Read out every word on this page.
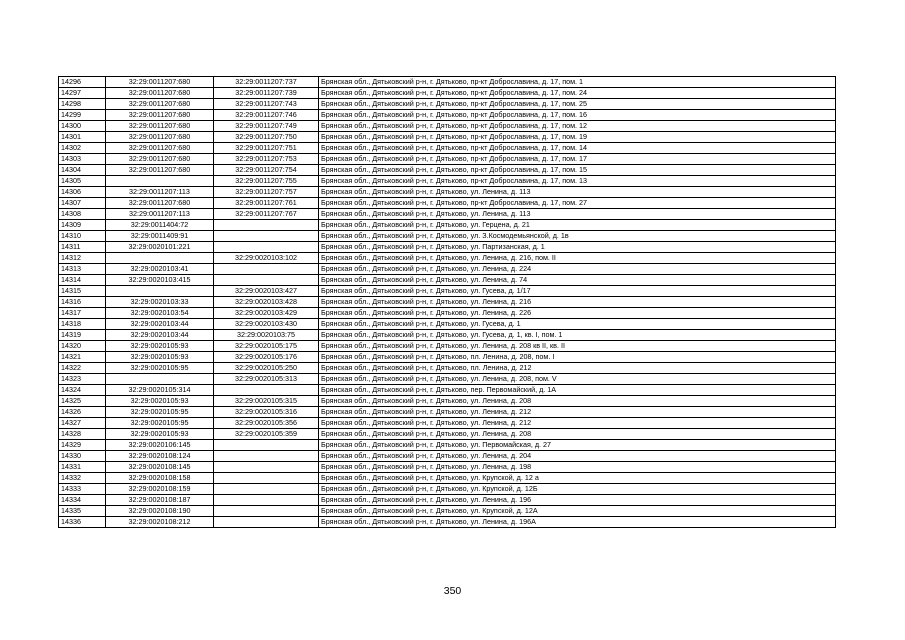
14296	32:29:0011207:680	32:29:0011207:737	Брянская обл., Дятьковский р-н, г. Дятьково, пр-кт Доброславина, д. 17, пом. 1
14297	32:29:0011207:680	32:29:0011207:739	Брянская обл., Дятьковский р-н, г. Дятьково, пр-кт Доброславина, д. 17, пом. 24
14298	32:29:0011207:680	32:29:0011207:743	Брянская обл., Дятьковский р-н, г. Дятьково, пр-кт Доброславина, д. 17, пом. 25
14299	32:29:0011207:680	32:29:0011207:746	Брянская обл., Дятьковский р-н, г. Дятьково, пр-кт Доброславина, д. 17, пом. 16
14300	32:29:0011207:680	32:29:0011207:749	Брянская обл., Дятьковский р-н, г. Дятьково, пр-кт Доброславина, д. 17, пом. 12
14301	32:29:0011207:680	32:29:0011207:750	Брянская обл., Дятьковский р-н, г. Дятьково, пр-кт Доброславина, д. 17, пом. 19
14302	32:29:0011207:680	32:29:0011207:751	Брянская обл., Дятьковский р-н, г. Дятьково, пр-кт Доброславина, д. 17, пом. 14
14303	32:29:0011207:680	32:29:0011207:753	Брянская обл., Дятьковский р-н, г. Дятьково, пр-кт Доброславина, д. 17, пом. 17
14304	32:29:0011207:680	32:29:0011207:754	Брянская обл., Дятьковский р-н, г. Дятьково, пр-кт Доброславина, д. 17, пом. 15
14305		32:29:0011207:755	Брянская обл., Дятьковский р-н, г. Дятьково, пр-кт Доброславина, д. 17, пом. 13
14306	32:29:0011207:113	32:29:0011207:757	Брянская обл., Дятьковский р-н, г. Дятьково, ул. Ленина, д. 113
14307	32:29:0011207:680	32:29:0011207:761	Брянская обл., Дятьковский р-н, г. Дятьково, пр-кт Доброславина, д. 17, пом. 27
14308	32:29:0011207:113	32:29:0011207:767	Брянская обл., Дятьковский р-н, г. Дятьково, ул. Ленина, д. 113
14309	32:29:0011404:72		Брянская обл., Дятьковский р-н, г. Дятьково, ул. Герцена, д. 21
14310	32:29:0011409:91		Брянская обл., Дятьковский р-н, г. Дятьково, ул. З.Космодемьянской, д. 1в
14311	32:29:0020101:221		Брянская обл., Дятьковский р-н, г. Дятьково, ул. Партизанская, д. 1
14312		32:29:0020103:102	Брянская обл., Дятьковский р-н, г. Дятьково, ул. Ленина, д. 216, пом. II
14313	32:29:0020103:41		Брянская обл., Дятьковский р-н, г. Дятьково, ул. Ленина, д. 224
14314	32:29:0020103:415		Брянская обл., Дятьковский р-н, г. Дятьково, ул. Ленина, д. 74
14315		32:29:0020103:427	Брянская обл., Дятьковский р-н, г. Дятьково, ул. Гусева, д. 1/17
14316	32:29:0020103:33	32:29:0020103:428	Брянская обл., Дятьковский р-н, г. Дятьково, ул. Ленина, д. 216
14317	32:29:0020103:54	32:29:0020103:429	Брянская обл., Дятьковский р-н, г. Дятьково, ул. Ленина, д. 226
14318	32:29:0020103:44	32:29:0020103:430	Брянская обл., Дятьковский р-н, г. Дятьково, ул. Гусева, д. 1
14319	32:29:0020103:44	32:29:0020103:75	Брянская обл., Дятьковский р-н, г. Дятьково, ул. Гусева, д. 1, кв. I, пом. 1
14320	32:29:0020105:93	32:29:0020105:175	Брянская обл., Дятьковский р-н, г. Дятьково, ул. Ленина, д. 208 кв II, кв. II
14321	32:29:0020105:93	32:29:0020105:176	Брянская обл., Дятьковский р-н, г. Дятьково, пл. Ленина, д. 208, пом. I
14322	32:29:0020105:95	32:29:0020105:250	Брянская обл., Дятьковский р-н, г. Дятьково, пл. Ленина, д. 212
14323		32:29:0020105:313	Брянская обл., Дятьковский р-н, г. Дятьково, ул. Ленина, д. 208, пом. V
14324	32:29:0020105:314		Брянская обл., Дятьковский р-н, г. Дятьково, пер. Первомайский, д. 1А
14325	32:29:0020105:93	32:29:0020105:315	Брянская обл., Дятьковский р-н, г. Дятьково, ул. Ленина, д. 208
14326	32:29:0020105:95	32:29:0020105:316	Брянская обл., Дятьковский р-н, г. Дятьково, ул. Ленина, д. 212
14327	32:29:0020105:95	32:29:0020105:356	Брянская обл., Дятьковский р-н, г. Дятьково, ул. Ленина, д. 212
14328	32:29:0020105:93	32:29:0020105:359	Брянская обл., Дятьковский р-н, г. Дятьково, ул. Ленина, д. 208
14329	32:29:0020106:145		Брянская обл., Дятьковский р-н, г. Дятьково, ул. Первомайская, д. 27
14330	32:29:0020108:124		Брянская обл., Дятьковский р-н, г. Дятьково, ул. Ленина, д. 204
14331	32:29:0020108:145		Брянская обл., Дятьковский р-н, г. Дятьково, ул. Ленина, д. 198
14332	32:29:0020108:158		Брянская обл., Дятьковский р-н, г. Дятьково, ул. Крупской, д. 12 а
14333	32:29:0020108:159		Брянская обл., Дятьковский р-н, г. Дятьково, ул. Крупской, д. 12Б
14334	32:29:0020108:187		Брянская обл., Дятьковский р-н, г. Дятьково, ул. Ленина, д. 196
14335	32:29:0020108:190		Брянская обл., Дятьковский р-н, г. Дятьково, ул. Крупской, д. 12А
14336	32:29:0020108:212		Брянская обл., Дятьковский р-н, г. Дятьково, ул. Ленина, д. 196А
350
